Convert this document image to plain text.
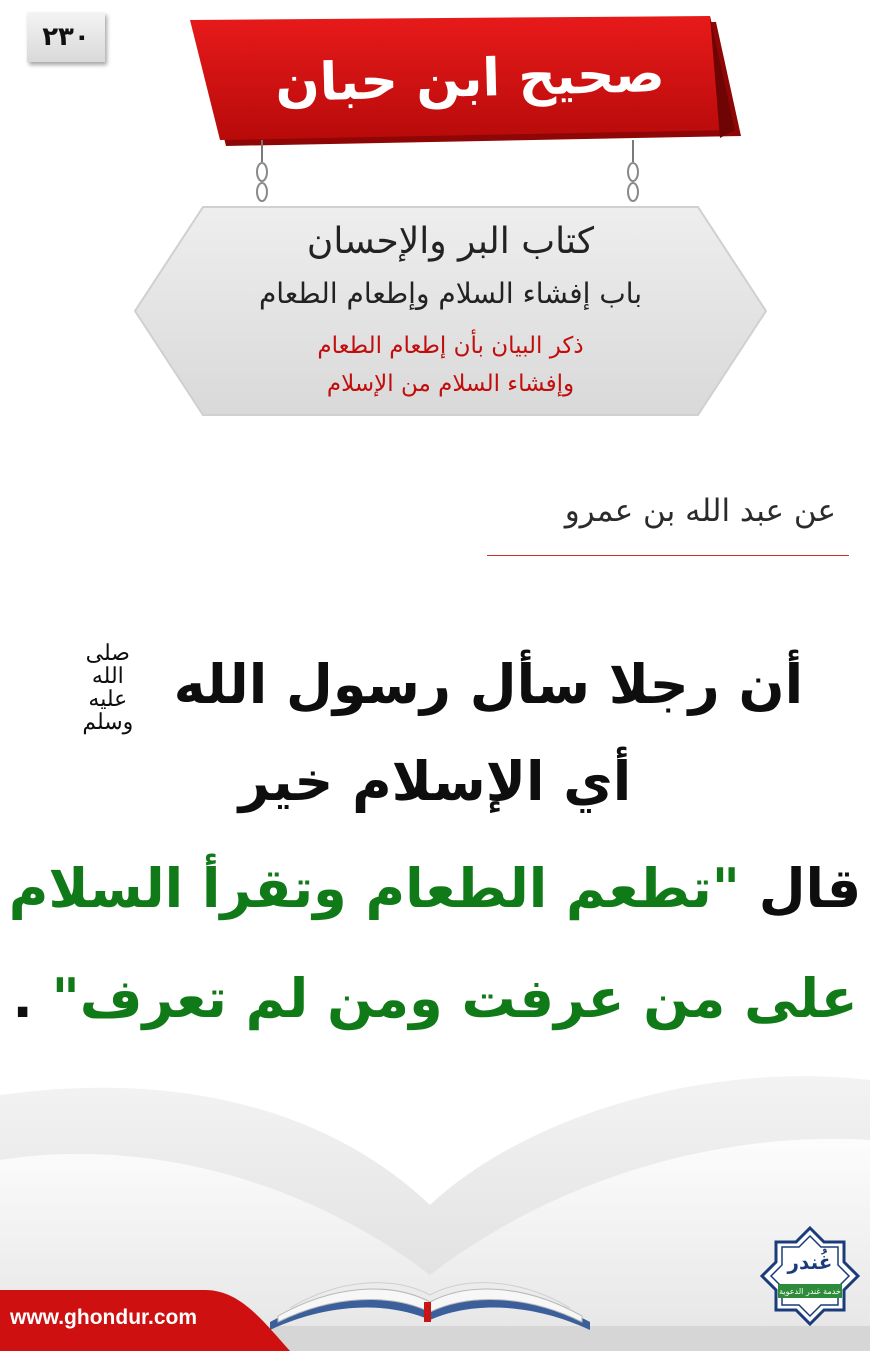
٢٣٠
صحيح ابن حبان
كتاب البر والإحسان
باب إفشاء السلام وإطعام الطعام
ذكر البيان بأن إطعام الطعام
وإفشاء السلام من الإسلام
عن عبد الله بن عمرو
أن رجلا سأل رسول الله صلى الله عليه وسلم
أي الإسلام خير
قال "تطعم الطعام وتقرأ السلام
على من عرفت ومن لم تعرف" .
www.ghondur.com
غُندر
خدمة غندر الدعوية
